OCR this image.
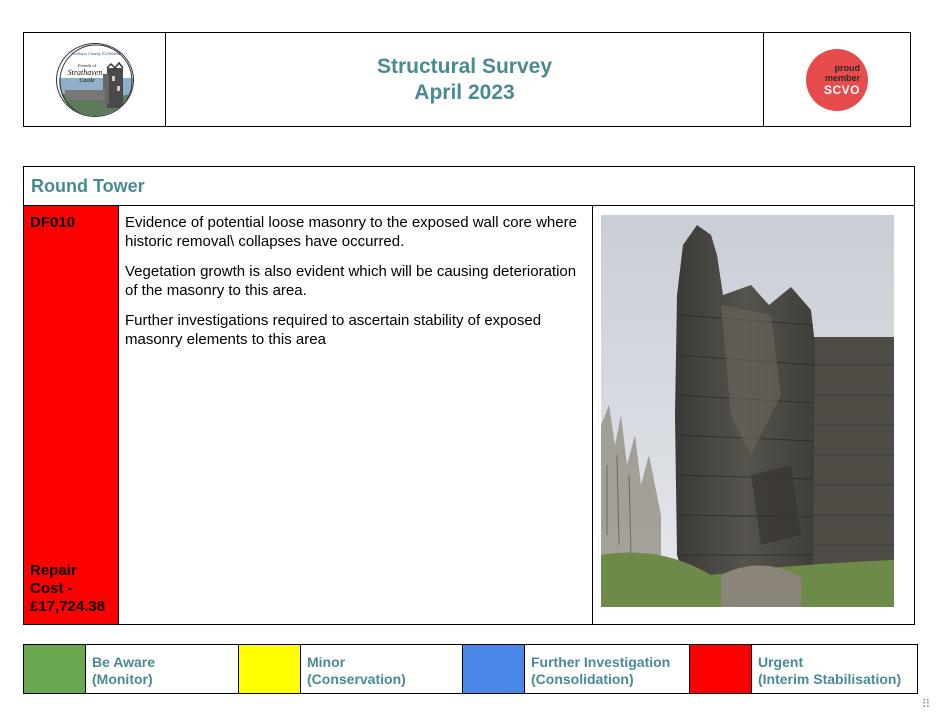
Scotland Charity SC050696
Friends of
Strathaven
Castle
Structural Survey
April 2023
proud
member
SCVO
Round Tower
DF010
Repair Cost -
£17,724.38

Evidence of potential loose masonry to the exposed wall core where historic removal\ collapses have occurred.

Vegetation growth is also evident which will be causing deterioration of the masonry to this area.

Further investigations required to ascertain stability of exposed masonry elements to this area

Be Aware
(Monitor)
Minor
(Conservation)
Further Investigation
(Consolidation)
Urgent
(Interim Stabilisation)
⠿
